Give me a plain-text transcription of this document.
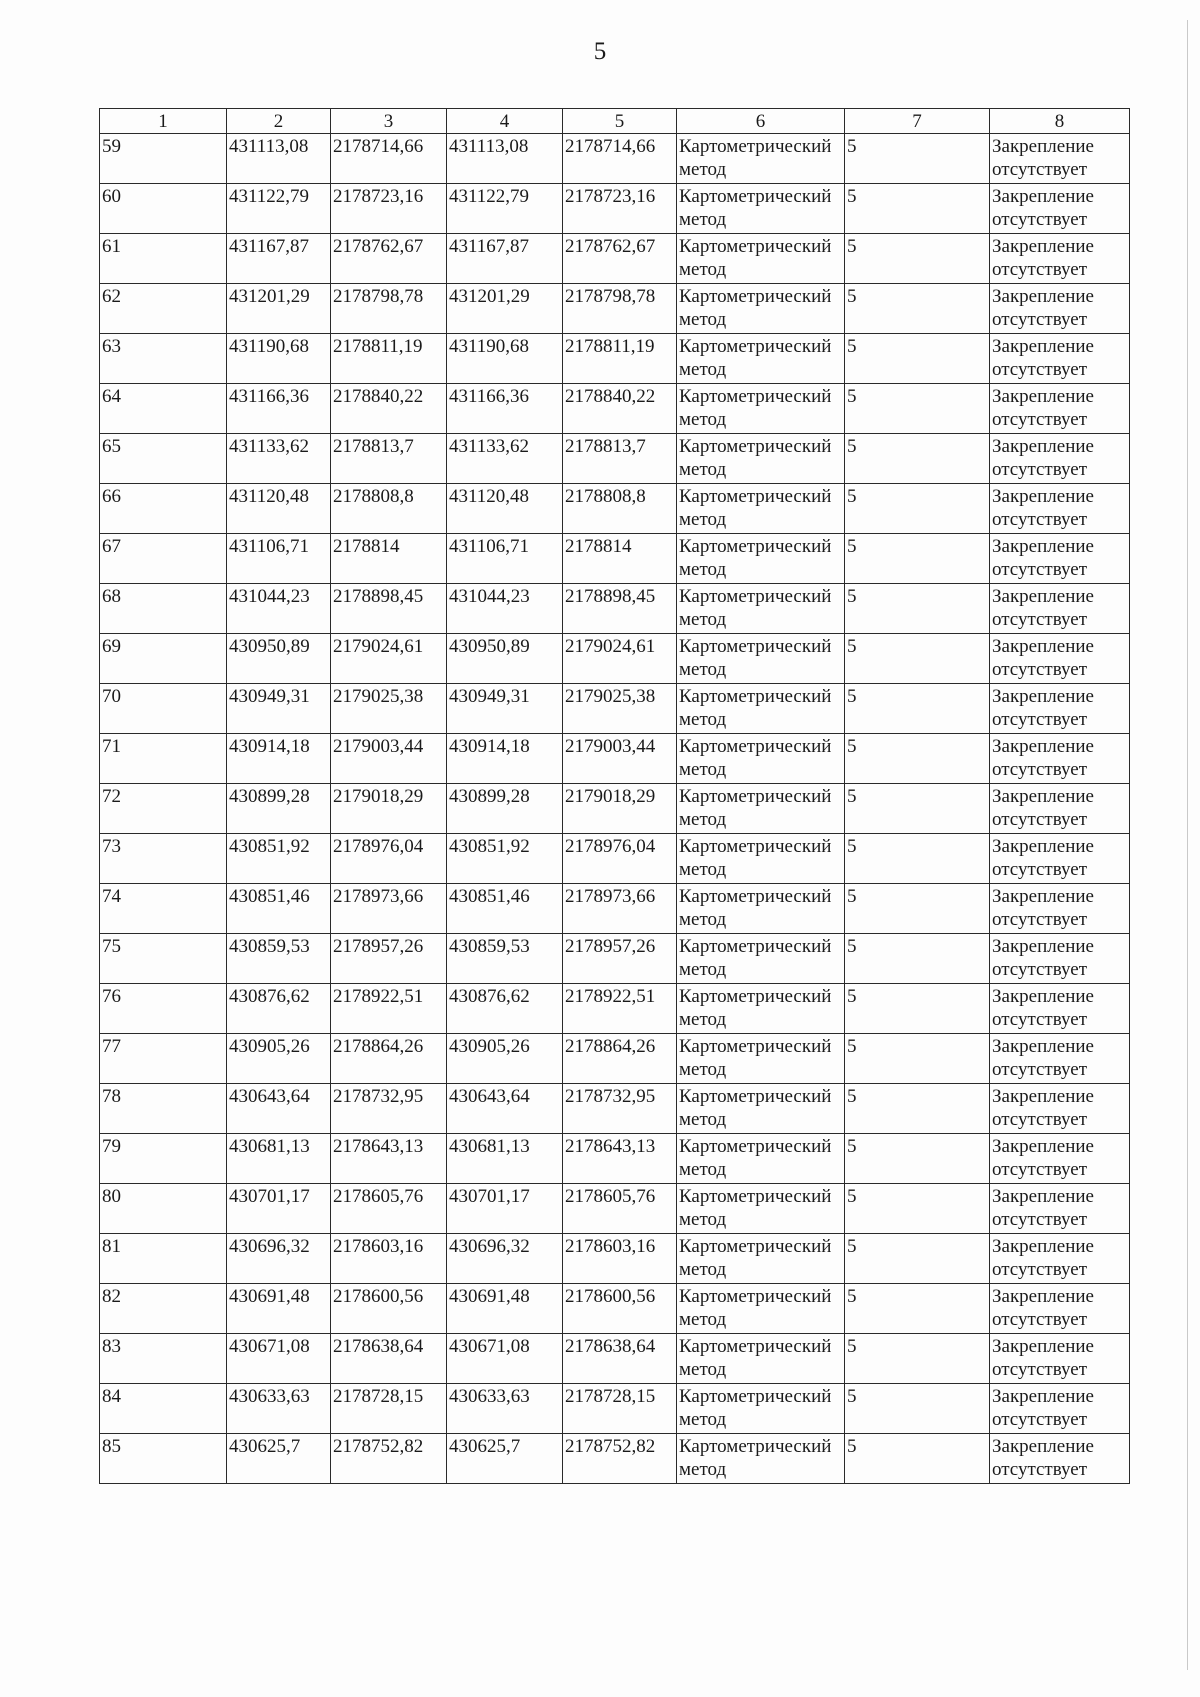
5
1	2	3	4	5	6	7	8
59	431113,08	2178714,66	431113,08	2178714,66	Картометрический метод	5	Закрепление отсутствует
60	431122,79	2178723,16	431122,79	2178723,16	Картометрический метод	5	Закрепление отсутствует
61	431167,87	2178762,67	431167,87	2178762,67	Картометрический метод	5	Закрепление отсутствует
62	431201,29	2178798,78	431201,29	2178798,78	Картометрический метод	5	Закрепление отсутствует
63	431190,68	2178811,19	431190,68	2178811,19	Картометрический метод	5	Закрепление отсутствует
64	431166,36	2178840,22	431166,36	2178840,22	Картометрический метод	5	Закрепление отсутствует
65	431133,62	2178813,7	431133,62	2178813,7	Картометрический метод	5	Закрепление отсутствует
66	431120,48	2178808,8	431120,48	2178808,8	Картометрический метод	5	Закрепление отсутствует
67	431106,71	2178814	431106,71	2178814	Картометрический метод	5	Закрепление отсутствует
68	431044,23	2178898,45	431044,23	2178898,45	Картометрический метод	5	Закрепление отсутствует
69	430950,89	2179024,61	430950,89	2179024,61	Картометрический метод	5	Закрепление отсутствует
70	430949,31	2179025,38	430949,31	2179025,38	Картометрический метод	5	Закрепление отсутствует
71	430914,18	2179003,44	430914,18	2179003,44	Картометрический метод	5	Закрепление отсутствует
72	430899,28	2179018,29	430899,28	2179018,29	Картометрический метод	5	Закрепление отсутствует
73	430851,92	2178976,04	430851,92	2178976,04	Картометрический метод	5	Закрепление отсутствует
74	430851,46	2178973,66	430851,46	2178973,66	Картометрический метод	5	Закрепление отсутствует
75	430859,53	2178957,26	430859,53	2178957,26	Картометрический метод	5	Закрепление отсутствует
76	430876,62	2178922,51	430876,62	2178922,51	Картометрический метод	5	Закрепление отсутствует
77	430905,26	2178864,26	430905,26	2178864,26	Картометрический метод	5	Закрепление отсутствует
78	430643,64	2178732,95	430643,64	2178732,95	Картометрический метод	5	Закрепление отсутствует
79	430681,13	2178643,13	430681,13	2178643,13	Картометрический метод	5	Закрепление отсутствует
80	430701,17	2178605,76	430701,17	2178605,76	Картометрический метод	5	Закрепление отсутствует
81	430696,32	2178603,16	430696,32	2178603,16	Картометрический метод	5	Закрепление отсутствует
82	430691,48	2178600,56	430691,48	2178600,56	Картометрический метод	5	Закрепление отсутствует
83	430671,08	2178638,64	430671,08	2178638,64	Картометрический метод	5	Закрепление отсутствует
84	430633,63	2178728,15	430633,63	2178728,15	Картометрический метод	5	Закрепление отсутствует
85	430625,7	2178752,82	430625,7	2178752,82	Картометрический метод	5	Закрепление отсутствует
